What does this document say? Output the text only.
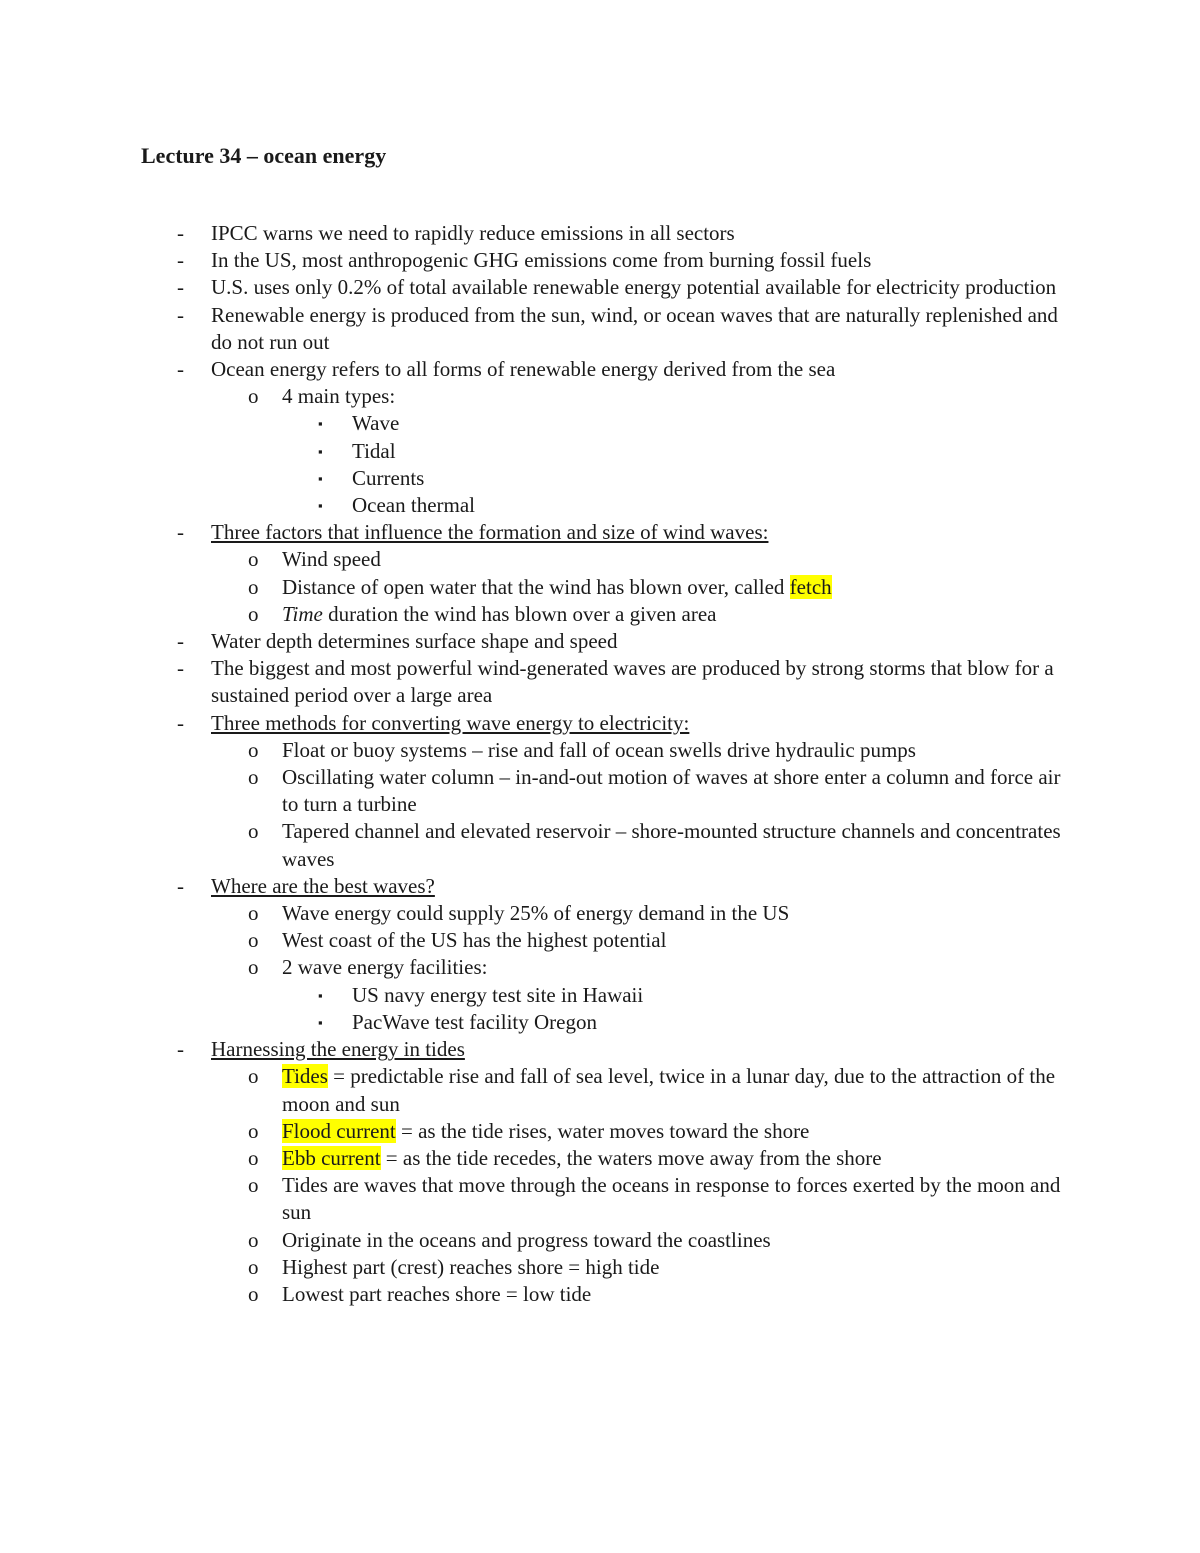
Lecture 34 – ocean energy
- IPCC warns we need to rapidly reduce emissions in all sectors
- In the US, most anthropogenic GHG emissions come from burning fossil fuels
- U.S. uses only 0.2% of total available renewable energy potential available for electricity production
- Renewable energy is produced from the sun, wind, or ocean waves that are naturally replenished and do not run out
- Ocean energy refers to all forms of renewable energy derived from the sea
o 4 main types:
▪ Wave
▪ Tidal
▪ Currents
▪ Ocean thermal
- Three factors that influence the formation and size of wind waves:
o Wind speed
o Distance of open water that the wind has blown over, called fetch
o Time duration the wind has blown over a given area
- Water depth determines surface shape and speed
- The biggest and most powerful wind-generated waves are produced by strong storms that blow for a sustained period over a large area
- Three methods for converting wave energy to electricity:
o Float or buoy systems – rise and fall of ocean swells drive hydraulic pumps
o Oscillating water column – in-and-out motion of waves at shore enter a column and force air to turn a turbine
o Tapered channel and elevated reservoir – shore-mounted structure channels and concentrates waves
- Where are the best waves?
o Wave energy could supply 25% of energy demand in the US
o West coast of the US has the highest potential
o 2 wave energy facilities:
▪ US navy energy test site in Hawaii
▪ PacWave test facility Oregon
- Harnessing the energy in tides
o Tides = predictable rise and fall of sea level, twice in a lunar day, due to the attraction of the moon and sun
o Flood current = as the tide rises, water moves toward the shore
o Ebb current = as the tide recedes, the waters move away from the shore
o Tides are waves that move through the oceans in response to forces exerted by the moon and sun
o Originate in the oceans and progress toward the coastlines
o Highest part (crest) reaches shore = high tide
o Lowest part reaches shore = low tide
